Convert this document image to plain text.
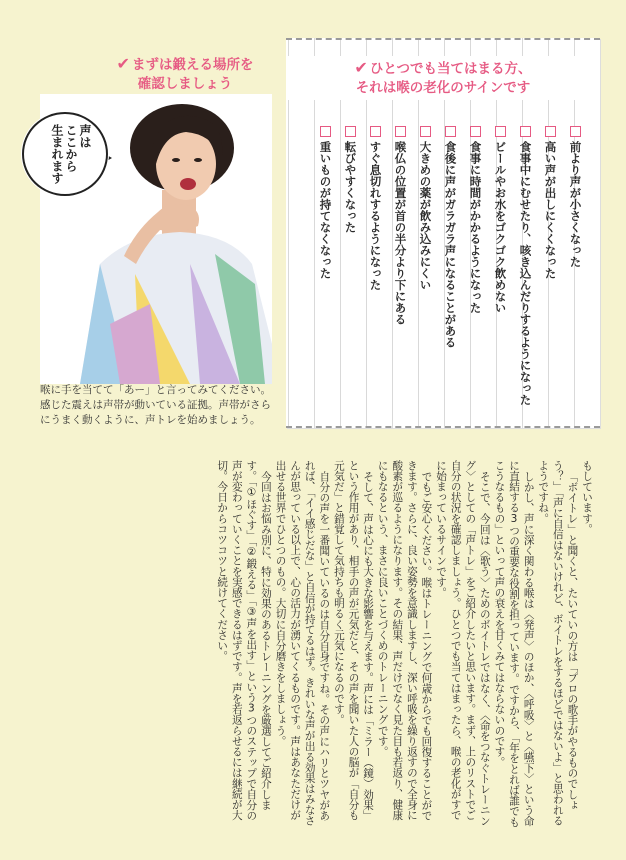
✔ まずは鍛える場所を
確認しましょう
声は
ここから
生まれます
喉に手を当てて「あー」と言ってみてください。感じた震えは声帯が動いている証拠。声帯がさらにうまく動くように、声トレを始めましょう。
✔ ひとつでも当てはまる方、
それは喉の老化のサインです
前より声が小さくなった
高い声が出しにくくなった
食事中にむせたり、咳き込んだりするようになった
ビールやお水をゴクゴク飲めない
食事に時間がかかるようになった
食後に声がガラガラ声になることがある
大きめの薬が飲み込みにくい
喉仏の位置が首の半分より下にある
すぐ息切れするようになった
転びやすくなった
重いものが持てなくなった

もしています。

「ボイトレ」と聞くと、たいていの方は「プロの歌手がやるものでしょう？」「声に自信はないけれど、ボイトレをするほどではないよ」と思われるようですね。

しかし、声に深く関わる喉は〈発声〉のほか、〈呼吸〉と〈嚥下〉という命に直結する3つの重要な役割を担っています。ですから、「年をとれば誰でもこうなるもの」といって声の衰えを甘くみてはならないのです。

そこで、今回は〈歌う〉ためのボイトレではなく、〈命をつなぐトレーニング〉としての「声トレ」をご紹介したいと思います。まず、上のリストでご自分の状況を確認しましょう。ひとつでも当てはまったら、喉の老化がすでに始まっているサインです。

でもご安心ください。喉はトレーニングで何歳からでも回復することができます。さらに、良い姿勢を意識しますし、深い呼吸を繰り返すので全身に酸素が巡るようになります。その結果、声だけでなく見た目も若返り、健康にもなるという、まさに良いことづくめのトレーニングです。

そして、声は心にも大きな影響を与えます。声には「ミラー（鏡）効果」という作用があり、相手の声が元気だと、その声を聞いた人の脳が「自分も元気だ」と錯覚して気持ちも明るく元気になるのです。

自分の声を一番聞いているのは自分自身ですね。その声にハリとツヤがあれば、「イイ感じだな」と自信が持てるはず。きれいな声が出る効果はみなさんが思っている以上で、心の活力が湧いてくるものです。声はあなただけが出せる世界でひとつのもの。大切に自分磨きをしましょう。

今回はお悩み別に、特に効果のあるトレーニングを厳選してご紹介します。「①ほぐす」「②鍛える」「③声を出す」という3つのステップで自分の声が変わっていくことを実感できるはずです。声を若返らせるには継続が大切。今日からコツコツと続けてください。
